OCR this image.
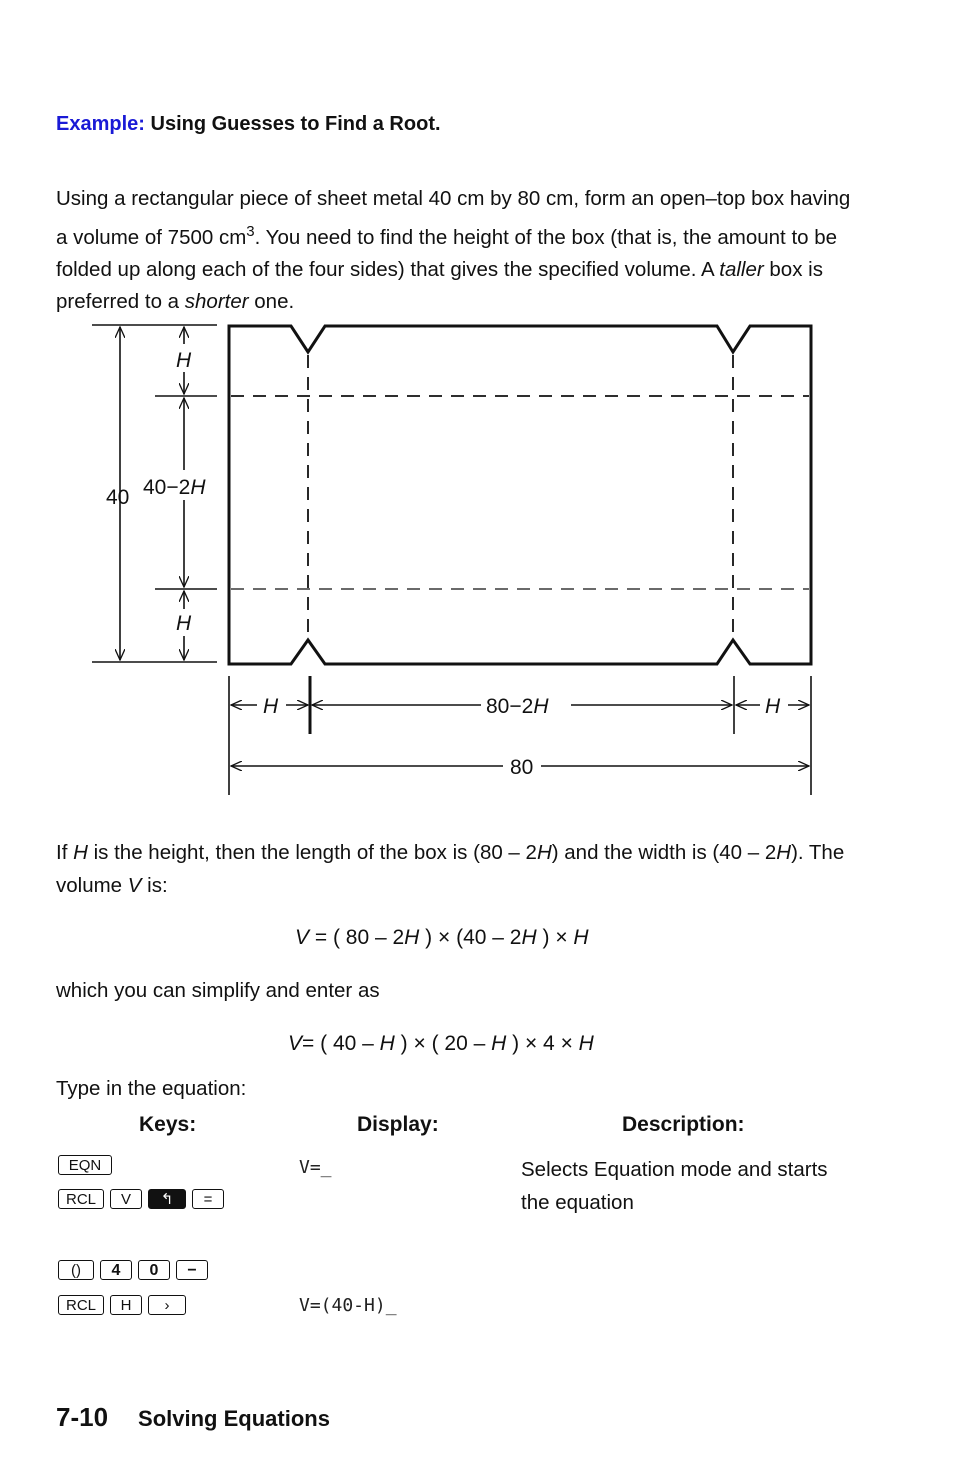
Example: Using Guesses to Find a Root.
Using a rectangular piece of sheet metal 40 cm by 80 cm, form an open–top box having a volume of 7500 $cm^3$. You need to find the height of the box (that is, the amount to be folded up along each of the four sides) that gives the specified volume. A taller box is preferred to a shorter one.
40
H
40−2H
H
H	80−2H	H
80
If H is the height, then the length of the box is (80 – 2H) and the width is (40 – 2H). The volume V is:
V = ( 80 – 2H ) × (40 – 2H ) × H
which you can simplify and enter as
V= ( 40 – H ) × ( 20 – H ) × 4 × H
Type in the equation:
Keys:	Display:	Description:
EQN
RCL V ↰ =
V=_	Selects Equation mode and starts the equation
() 4 0 −
RCL H ›	V=(40-H)_
7-10 Solving Equations
